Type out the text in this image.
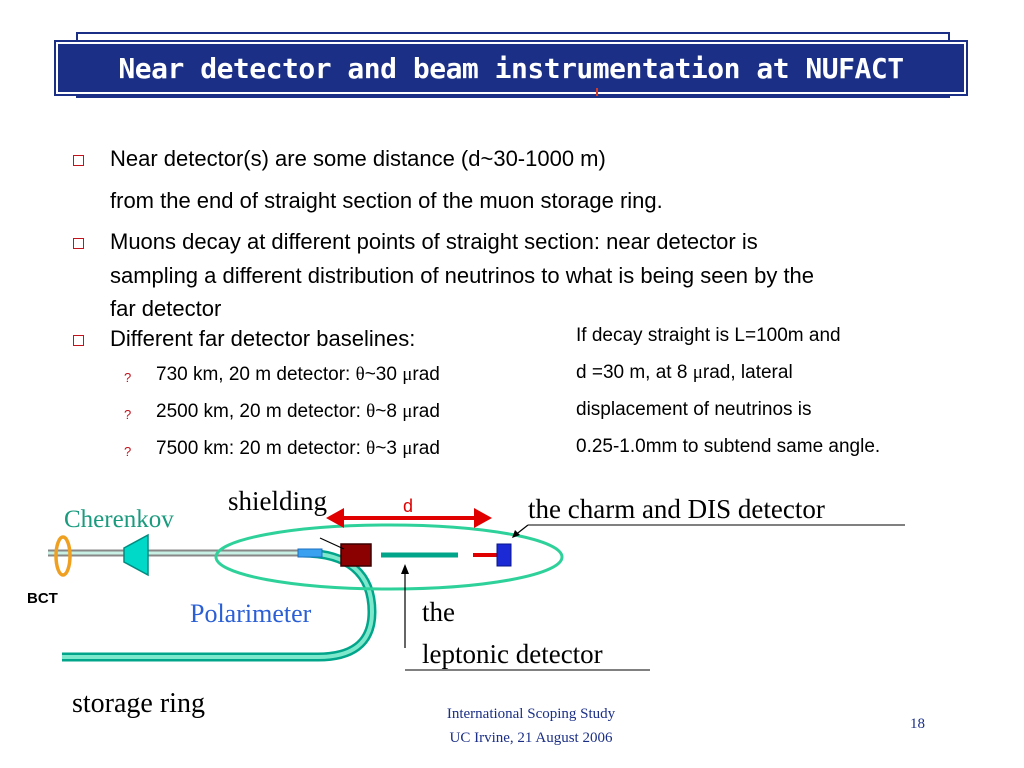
Near detector and beam instrumentation at NUFACT
Near detector(s) are some distance (d~30-1000 m)
from the end of straight section of the muon storage ring.
Muons decay at different points of straight section: near detector is
sampling a different distribution of neutrinos to what is being seen by the
far detector
Different far detector baselines:
? 730 km, 20 m detector: θ~30 μrad
? 2500 km, 20 m detector: θ~8 μrad
? 7500 km: 20 m detector: θ~3 μrad
If decay straight is L=100m and
d =30 m, at 8 μrad, lateral
displacement of neutrinos is
0.25-1.0mm to subtend same angle.
shielding	d	the charm and DIS detector
Cherenkov
BCT
Polarimeter	the
leptonic detector
storage ring	International Scoping Study
UC Irvine, 21 August 2006
18
